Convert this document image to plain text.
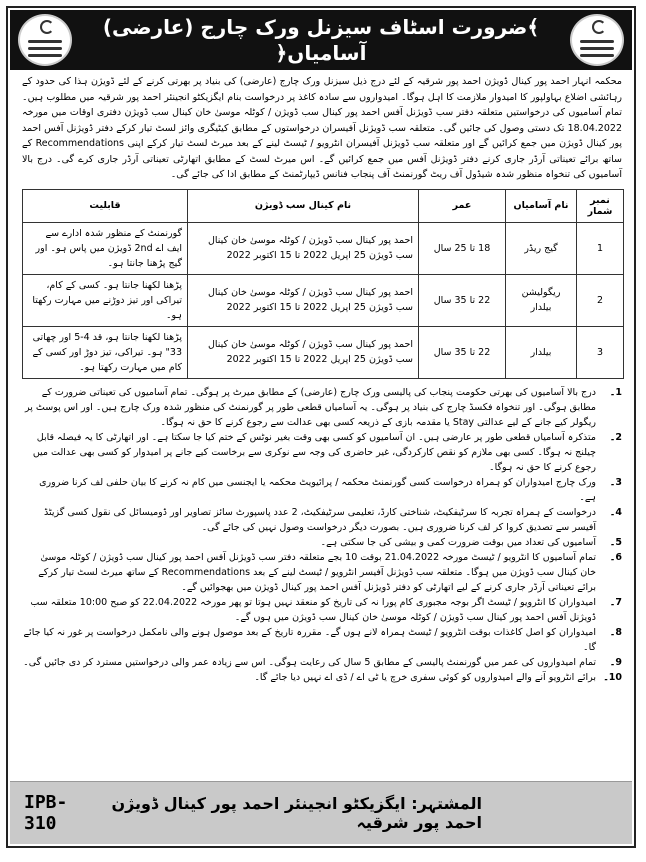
﴾ضرورت اسٹاف سیزنل ورک چارج (عارضی) آسامیاں﴿
محکمہ انہار احمد پور کینال ڈویژن احمد پور شرقیہ کے لئے درج ذیل سیزنل ورک چارج (عارضی) کی بنیاد پر بھرتی کرنے کے لئے ڈویژن ہذا کی حدود کے رہائشی اضلاع بہاولپور کا امیدوار ملازمت کا اہل ہوگا۔ امیدواروں سے سادہ کاغذ پر درخواست بنام ایگزیکٹو انجینئر احمد پور شرقیہ میں مطلوب ہیں۔ تمام آسامیوں کی درخواستیں متعلقہ دفتر سب ڈویژنل آفس احمد پور کینال سب ڈویژن / کوٹلہ موسیٰ خان کینال سب ڈویژن دفتری اوقات میں مورخہ 18.04.2022 تک دستی وصول کی جائیں گی۔ متعلقہ سب ڈویژنل آفیسران درخواستوں کے مطابق کیٹیگری وائز لسٹ تیار کرکے دفتر ڈویژنل آفس احمد پور کینال ڈویژن میں جمع کرائیں گے اور متعلقہ سب ڈویژنل آفیسران انٹرویو / ٹیسٹ لینے کے بعد میرٹ لسٹ تیار کرکے اپنی Recommendations کے ساتھ برائے تعیناتی آرڈر جاری کرنے دفتر ڈویژنل آفس میں جمع کرائیں گے۔ اس میرٹ لسٹ کے مطابق اتھارٹی تعیناتی آرڈر جاری کرے گی۔ درج بالا آسامیوں کی تنخواہ منظور شدہ شیڈول آف ریٹ گورنمنٹ آف پنجاب فنانس ڈیپارٹمنٹ کے مطابق ادا کی جائے گی۔
نمبر شمار	نام آسامیاں	عمر	نام کینال سب ڈویژن	قابلیت
1	گیج ریڈر	18 تا 25 سال	احمد پور کینال سب ڈویژن / کوٹلہ موسیٰ خان کینال سب ڈویژن 25 اپریل 2022 تا 15 اکتوبر 2022	گورنمنٹ کے منظور شدہ ادارے سے ایف اے 2nd ڈویژن میں پاس ہو۔ اور گیج پڑھنا جانتا ہو۔
2	ریگولیشن بیلدار	22 تا 35 سال	احمد پور کینال سب ڈویژن / کوٹلہ موسیٰ خان کینال سب ڈویژن 25 اپریل 2022 تا 15 اکتوبر 2022	پڑھنا لکھنا جانتا ہو۔ کسی کے کام، تیراکی اور تیز دوڑنے میں مہارت رکھتا ہو۔
3	بیلدار	22 تا 35 سال	احمد پور کینال سب ڈویژن / کوٹلہ موسیٰ خان کینال سب ڈویژن 25 اپریل 2022 تا 15 اکتوبر 2022	پڑھنا لکھنا جانتا ہو، قد 4-5 اور چھاتی 33" ہو۔ تیراکی، تیز دوڑ اور کسی کے کام میں مہارت رکھتا ہو۔
1۔
درج بالا آسامیوں کی بھرتی حکومت پنجاب کی پالیسی ورک چارج (عارضی) کے مطابق میرٹ پر ہوگی۔ تمام آسامیوں کی تعیناتی ضرورت کے مطابق ہوگی۔ اور تنخواہ فکسڈ چارج کی بنیاد پر ہوگی۔ یہ آسامیاں قطعی طور پر گورنمنٹ کی منظور شدہ ورک چارج ہیں۔ اور اس پوسٹ پر ریگولر کیے جانے کے لیے عدالتی Stay یا مقدمہ بازی کے ذریعہ کسی بھی عدالت سے رجوع کرنے کا حق نہ ہوگا۔
2۔
متذکرہ آسامیاں قطعی طور پر عارضی ہیں۔ ان آسامیوں کو کسی بھی وقت بغیر نوٹس کے ختم کیا جا سکتا ہے۔ اور اتھارٹی کا یہ فیصلہ قابل چیلنج نہ ہوگا۔ کسی بھی ملازم کو نقص کارکردگی، غیر حاضری کی وجہ سے نوکری سے برخاست کیے جانے پر امیدوار کو کسی بھی عدالت میں رجوع کرنے کا حق نہ ہوگا۔
3۔
ورک چارج امیدواران کو ہمراہ درخواست کسی گورنمنٹ محکمہ / پرائیویٹ محکمہ یا ایجنسی میں کام نہ کرنے کا بیان حلفی لف کرنا ضروری ہے۔
4۔
درخواست کے ہمراہ تجربہ کا سرٹیفکیٹ، شناختی کارڈ، تعلیمی سرٹیفکیٹ، 2 عدد پاسپورٹ سائز تصاویر اور ڈومیسائل کی نقول کسی گزیٹڈ آفیسر سے تصدیق کروا کر لف کرنا ضروری ہیں۔ بصورت دیگر درخواست وصول نہیں کی جائے گی۔
5۔
آسامیوں کی تعداد میں بوقت ضرورت کمی و بیشی کی جا سکتی ہے۔
6۔
تمام آسامیوں کا انٹرویو / ٹیسٹ مورخہ 21.04.2022 بوقت 10 بجے متعلقہ دفتر سب ڈویژنل آفس احمد پور کینال سب ڈویژن / کوٹلہ موسیٰ خان کینال سب ڈویژن میں ہوگا۔ متعلقہ سب ڈویژنل آفیسر انٹرویو / ٹیسٹ لینے کے بعد Recommendations کے ساتھ میرٹ لسٹ تیار کرکے برائے تعیناتی آرڈر جاری کرنے کے لیے اتھارٹی کو دفتر ڈویژنل آفس احمد پور کینال ڈویژن میں بھجوائیں گے۔
7۔
امیدواران کا انٹرویو / ٹیسٹ اگر بوجہ مجبوری کام پورا نہ کی تاریخ کو منعقد نہیں ہوتا تو پھر مورخہ 22.04.2022 کو صبح 10:00 متعلقہ سب ڈویژنل آفس احمد پور کینال سب ڈویژن / کوٹلہ موسیٰ خان کینال سب ڈویژن میں ہوں گے۔
8۔
امیدواران کو اصل کاغذات بوقت انٹرویو / ٹیسٹ ہمراہ لانے ہوں گے۔ مقررہ تاریخ کے بعد موصول ہونے والی نامکمل درخواست پر غور نہ کیا جائے گا۔
9۔
تمام امیدواروں کی عمر میں گورنمنٹ پالیسی کے مطابق 5 سال کی رعایت ہوگی۔ اس سے زیادہ عمر والی درخواستیں مسترد کر دی جائیں گی۔
10۔
برائے انٹرویو آنے والے امیدواروں کو کوئی سفری خرچ یا ٹی اے / ڈی اے نہیں دیا جائے گا۔
IPB-310
المشتہر: ایگزیکٹو انجینئر احمد پور کینال ڈویژن احمد پور شرقیہ
